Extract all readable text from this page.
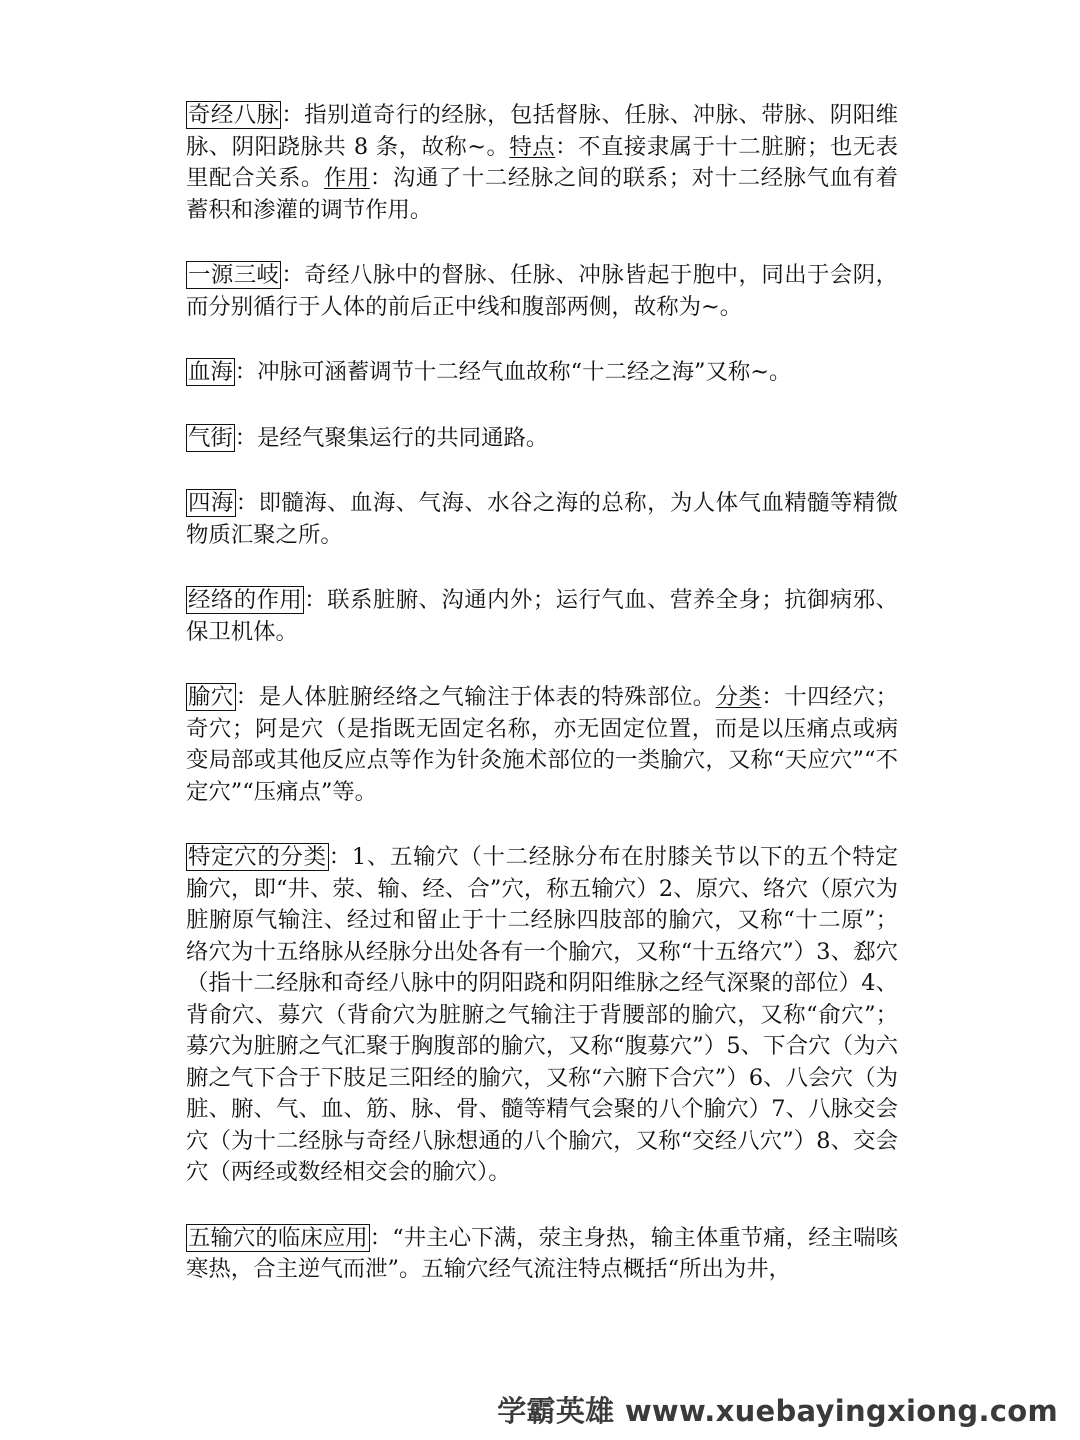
奇经八脉：指别道奇行的经脉，包括督脉、任脉、冲脉、带脉、阴阳维脉、阴阳跷脉共 8 条，故称~。特点：不直接隶属于十二脏腑；也无表里配合关系。作用：沟通了十二经脉之间的联系；对十二经脉气血有着蓄积和渗灌的调节作用。

一源三岐：奇经八脉中的督脉、任脉、冲脉皆起于胞中，同出于会阴，而分别循行于人体的前后正中线和腹部两侧，故称为~。

血海：冲脉可涵蓄调节十二经气血故称“十二经之海”又称~。

气街：是经气聚集运行的共同通路。

四海：即髓海、血海、气海、水谷之海的总称，为人体气血精髓等精微物质汇聚之所。

经络的作用：联系脏腑、沟通内外；运行气血、营养全身；抗御病邪、保卫机体。

腧穴：是人体脏腑经络之气输注于体表的特殊部位。分类：十四经穴；奇穴；阿是穴（是指既无固定名称，亦无固定位置，而是以压痛点或病变局部或其他反应点等作为针灸施术部位的一类腧穴，又称“天应穴”“不定穴”“压痛点”等。

特定穴的分类：1、五输穴（十二经脉分布在肘膝关节以下的五个特定腧穴，即“井、荥、输、经、合”穴，称五输穴）2、原穴、络穴（原穴为脏腑原气输注、经过和留止于十二经脉四肢部的腧穴，又称“十二原”；络穴为十五络脉从经脉分出处各有一个腧穴，又称“十五络穴”）3、郄穴（指十二经脉和奇经八脉中的阴阳跷和阴阳维脉之经气深聚的部位）4、背俞穴、募穴（背俞穴为脏腑之气输注于背腰部的腧穴，又称“俞穴”；募穴为脏腑之气汇聚于胸腹部的腧穴，又称“腹募穴”）5、下合穴（为六腑之气下合于下肢足三阳经的腧穴，又称“六腑下合穴”）6、八会穴（为脏、腑、气、血、筋、脉、骨、髓等精气会聚的八个腧穴）7、八脉交会穴（为十二经脉与奇经八脉想通的八个腧穴，又称“交经八穴”）8、交会穴（两经或数经相交会的腧穴）。

五输穴的临床应用：“井主心下满，荥主身热，输主体重节痛，经主喘咳寒热，合主逆气而泄”。五输穴经气流注特点概括“所出为井，

学霸英雄 www.xuebayingxiong.com
